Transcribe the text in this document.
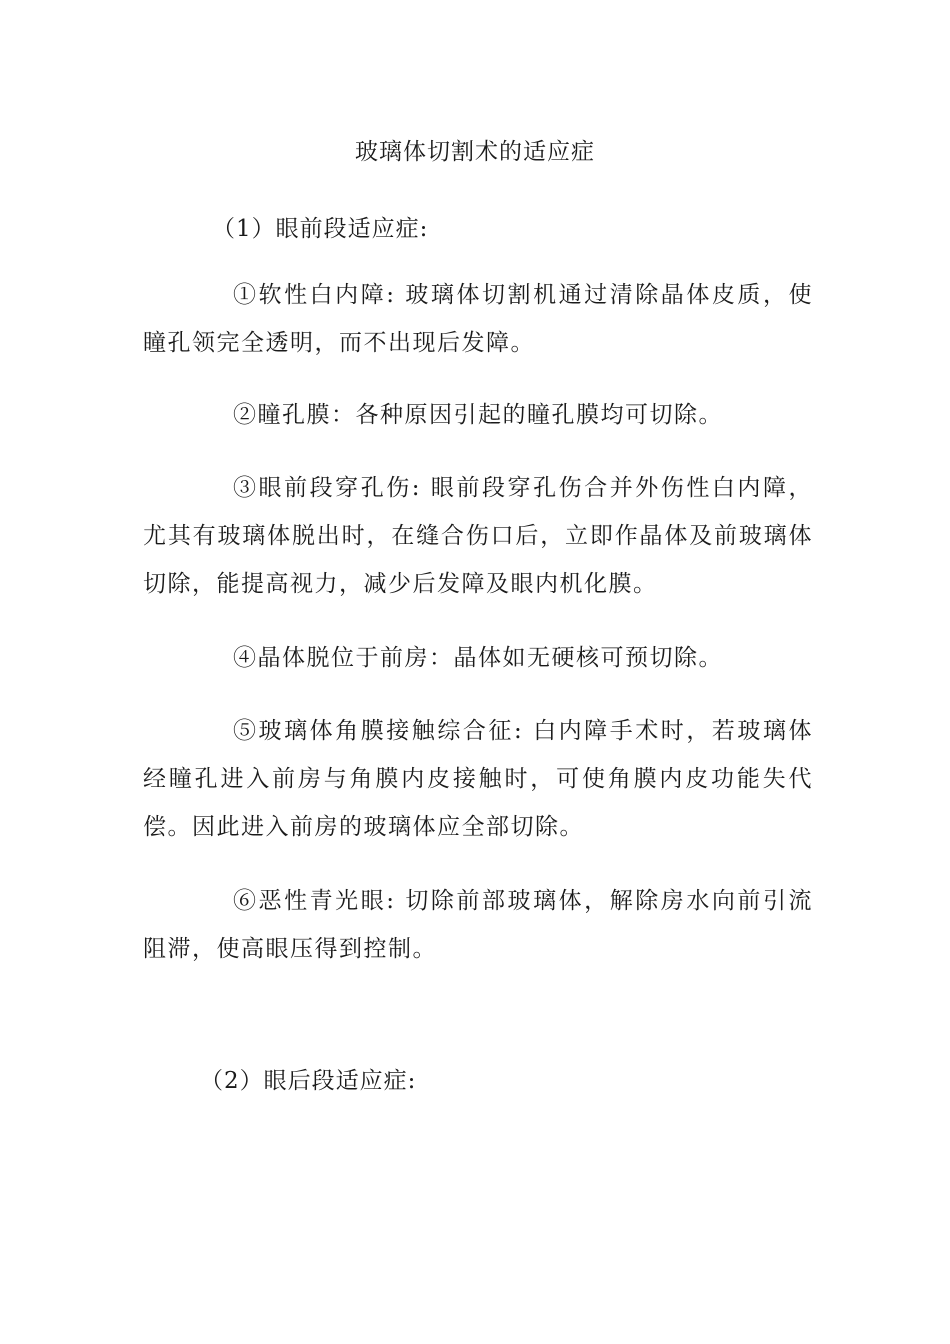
玻璃体切割术的适应症
（1）眼前段适应症:
①软性白内障: 玻璃体切割机通过清除晶体皮质，使瞳孔领完全透明，而不出现后发障。
②瞳孔膜：各种原因引起的瞳孔膜均可切除。
③眼前段穿孔伤: 眼前段穿孔伤合并外伤性白内障，尤其有玻璃体脱出时，在缝合伤口后，立即作晶体及前玻璃体切除，能提高视力，减少后发障及眼内机化膜。
④晶体脱位于前房：晶体如无硬核可预切除。
⑤玻璃体角膜接触综合征: 白内障手术时，若玻璃体经瞳孔进入前房与角膜内皮接触时，可使角膜内皮功能失代偿。因此进入前房的玻璃体应全部切除。
⑥恶性青光眼: 切除前部玻璃体，解除房水向前引流阻滞，使高眼压得到控制。
（2）眼后段适应症:
